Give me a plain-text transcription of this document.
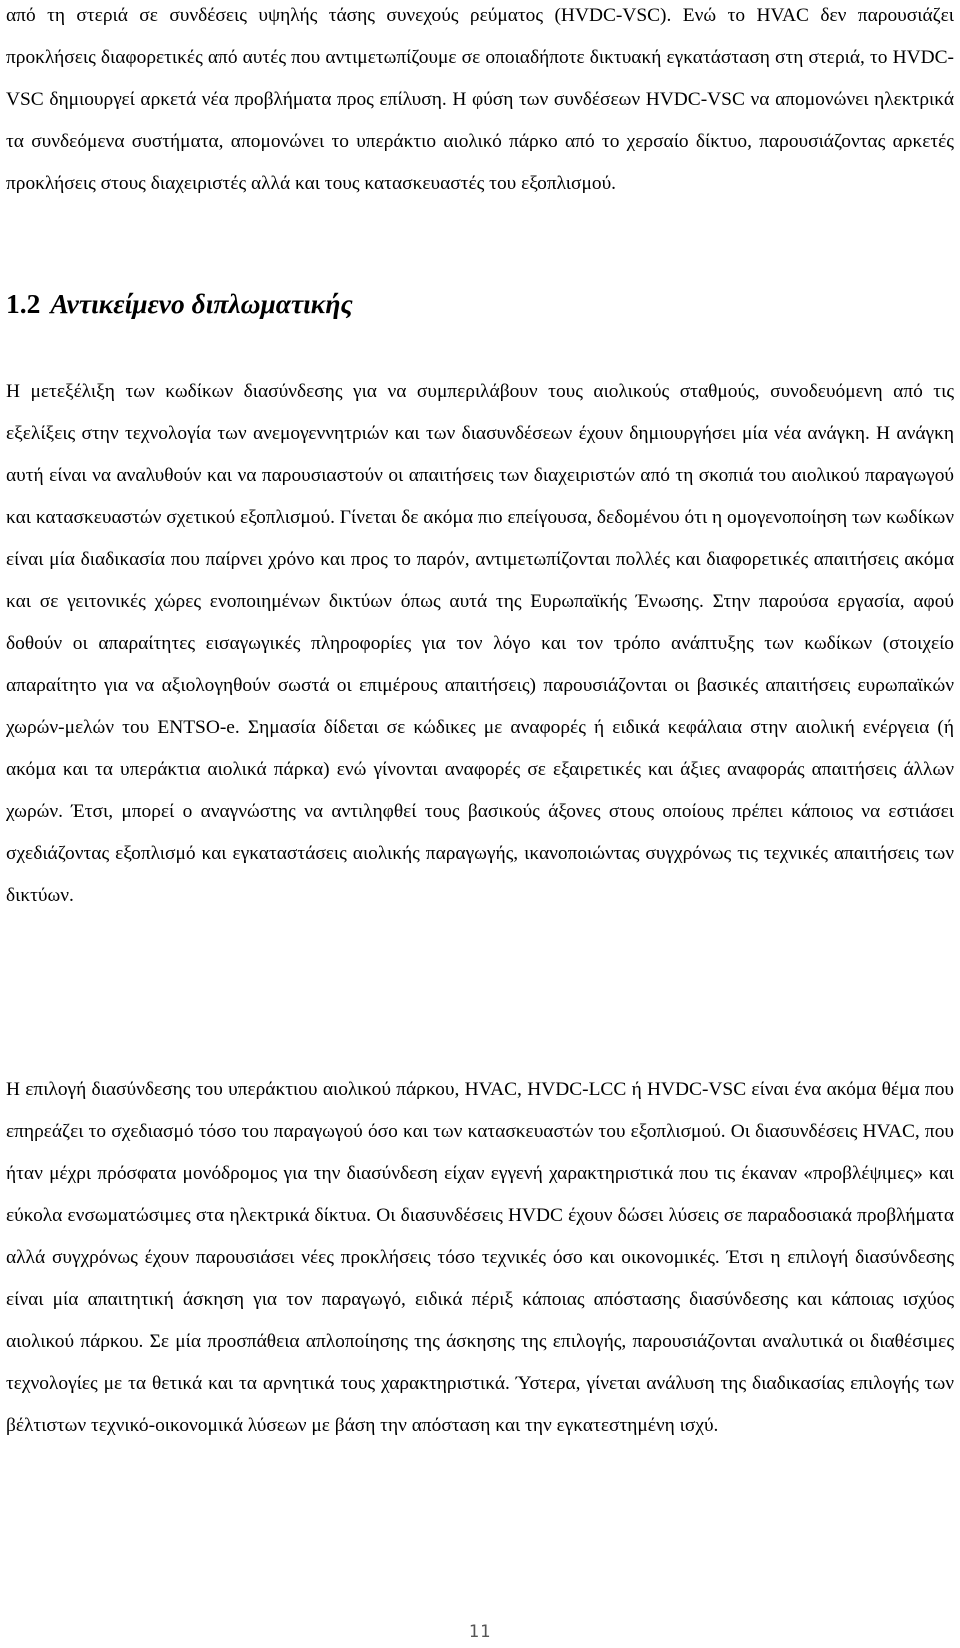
από τη στεριά σε συνδέσεις υψηλής τάσης συνεχούς ρεύματος (HVDC-VSC). Ενώ το HVAC δεν παρουσιάζει προκλήσεις διαφορετικές από αυτές που αντιμετωπίζουμε σε οποιαδήποτε δικτυακή εγκατάσταση στη στεριά, το HVDC-VSC δημιουργεί αρκετά νέα προβλήματα προς επίλυση. Η φύση των συνδέσεων HVDC-VSC να απομονώνει ηλεκτρικά τα συνδεόμενα συστήματα, απομονώνει το υπεράκτιο αιολικό πάρκο από το χερσαίο δίκτυο, παρουσιάζοντας αρκετές προκλήσεις στους διαχειριστές αλλά και τους κατασκευαστές του εξοπλισμού.

1.2 Αντικείμενο διπλωματικής

Η μετεξέλιξη των κωδίκων διασύνδεσης για να συμπεριλάβουν τους αιολικούς σταθμούς, συνοδευόμενη από τις εξελίξεις στην τεχνολογία των ανεμογεννητριών και των διασυνδέσεων έχουν δημιουργήσει μία νέα ανάγκη. Η ανάγκη αυτή είναι να αναλυθούν και να παρουσιαστούν οι απαιτήσεις των διαχειριστών από τη σκοπιά του αιολικού παραγωγού και κατασκευαστών σχετικού εξοπλισμού. Γίνεται δε ακόμα πιο επείγουσα, δεδομένου ότι η ομογενοποίηση των κωδίκων είναι μία διαδικασία που παίρνει χρόνο και προς το παρόν, αντιμετωπίζονται πολλές και διαφορετικές απαιτήσεις ακόμα και σε γειτονικές χώρες ενοποιημένων δικτύων όπως αυτά της Ευρωπαϊκής Ένωσης. Στην παρούσα εργασία, αφού δοθούν οι απαραίτητες εισαγωγικές πληροφορίες για τον λόγο και τον τρόπο ανάπτυξης των κωδίκων (στοιχείο απαραίτητο για να αξιολογηθούν σωστά οι επιμέρους απαιτήσεις) παρουσιάζονται οι βασικές απαιτήσεις ευρωπαϊκών χωρών-μελών του ENTSO-e. Σημασία δίδεται σε κώδικες με αναφορές ή ειδικά κεφάλαια στην αιολική ενέργεια (ή ακόμα και τα υπεράκτια αιολικά πάρκα) ενώ γίνονται αναφορές σε εξαιρετικές και άξιες αναφοράς απαιτήσεις άλλων χωρών. Έτσι, μπορεί ο αναγνώστης να αντιληφθεί τους βασικούς άξονες στους οποίους πρέπει κάποιος να εστιάσει σχεδιάζοντας εξοπλισμό και εγκαταστάσεις αιολικής παραγωγής, ικανοποιώντας συγχρόνως τις τεχνικές απαιτήσεις των δικτύων.

Η επιλογή διασύνδεσης του υπεράκτιου αιολικού πάρκου, HVAC, HVDC-LCC ή HVDC-VSC είναι ένα ακόμα θέμα που επηρεάζει το σχεδιασμό τόσο του παραγωγού όσο και των κατασκευαστών του εξοπλισμού. Οι διασυνδέσεις HVAC, που ήταν μέχρι πρόσφατα μονόδρομος για την διασύνδεση είχαν εγγενή χαρακτηριστικά που τις έκαναν «προβλέψιμες» και εύκολα ενσωματώσιμες στα ηλεκτρικά δίκτυα. Οι διασυνδέσεις HVDC έχουν δώσει λύσεις σε παραδοσιακά προβλήματα αλλά συγχρόνως έχουν παρουσιάσει νέες προκλήσεις τόσο τεχνικές όσο και οικονομικές. Έτσι η επιλογή διασύνδεσης είναι μία απαιτητική άσκηση για τον παραγωγό, ειδικά πέριξ κάποιας απόστασης διασύνδεσης και κάποιας ισχύος αιολικού πάρκου. Σε μία προσπάθεια απλοποίησης της άσκησης της επιλογής, παρουσιάζονται αναλυτικά οι διαθέσιμες τεχνολογίες με τα θετικά και τα αρνητικά τους χαρακτηριστικά. Ύστερα, γίνεται ανάλυση της διαδικασίας επιλογής των βέλτιστων τεχνικό-οικονομικά λύσεων με βάση την απόσταση και την εγκατεστημένη ισχύ.

11
